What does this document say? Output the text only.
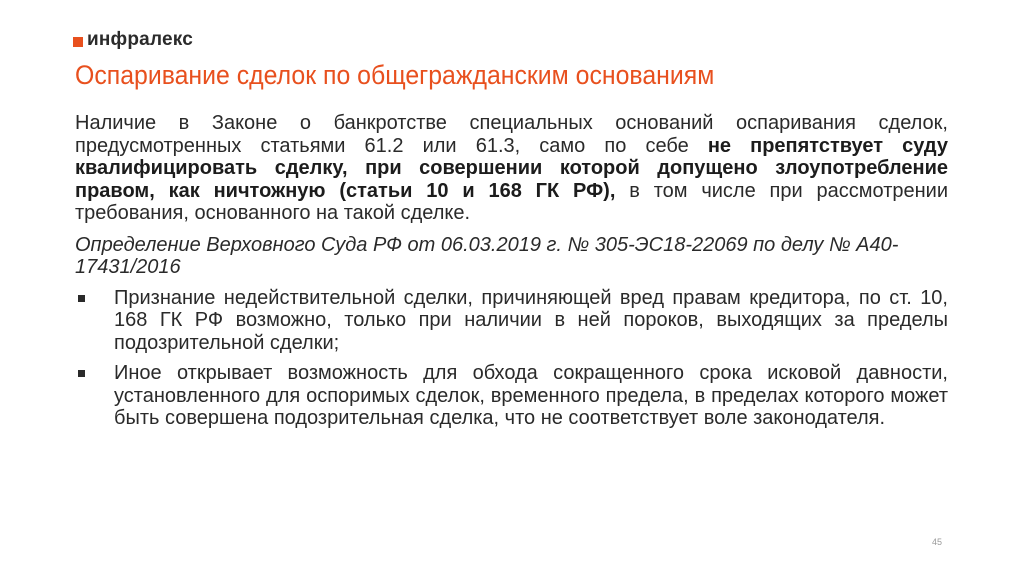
инфралекс
Оспаривание сделок по общегражданским основаниям

Наличие в Законе о банкротстве специальных оснований оспаривания сделок, предусмотренных статьями 61.2 или 61.3, само по себе не препятствует суду квалифицировать сделку, при совершении которой допущено злоупотребление правом, как ничтожную (статьи 10 и 168 ГК РФ), в том числе при рассмотрении требования, основанного на такой сделке.

Определение Верховного Суда РФ от 06.03.2019 г. № 305-ЭС18-22069 по делу № А40-17431/2016

Признание недействительной сделки, причиняющей вред правам кредитора, по ст. 10, 168 ГК РФ возможно, только при наличии в ней пороков, выходящих за пределы подозрительной сделки;
Иное открывает возможность для обхода сокращенного срока исковой давности, установленного для оспоримых сделок, временного предела, в пределах которого может быть совершена подозрительная сделка, что не соответствует воле законодателя.
45
